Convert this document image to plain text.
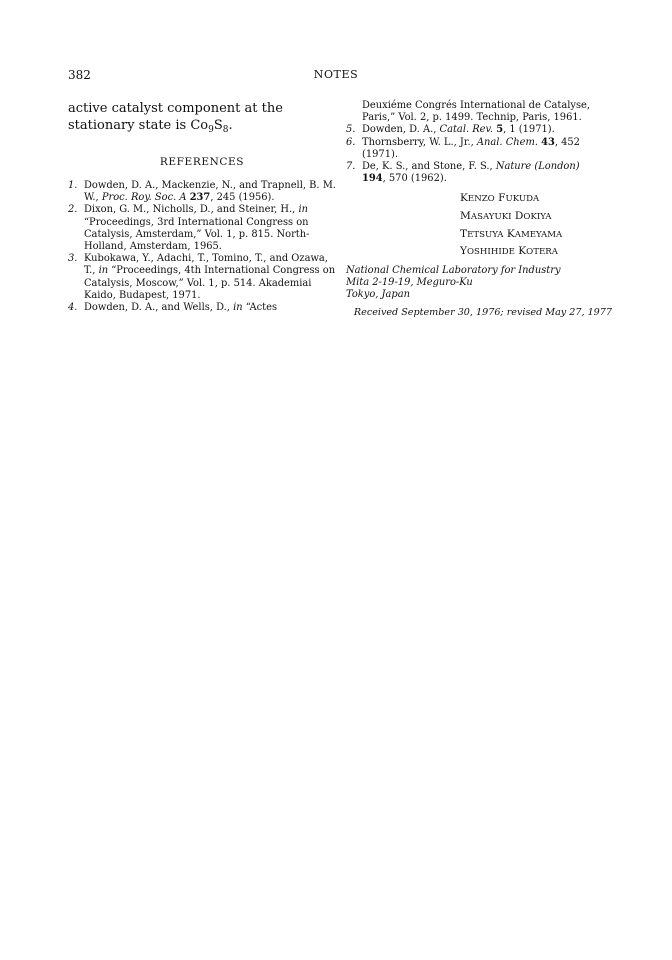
382	NOTES

active catalyst component at the stationary state is $Co_9S_8$.

REFERENCES

1. Dowden, D. A., Mackenzie, N., and Trapnell, B. M. W., Proc. Roy. Soc. A 237, 245 (1956).

2. Dixon, G. M., Nicholls, D., and Steiner, H., in “Proceedings, 3rd International Congress on Catalysis, Amsterdam,” Vol. 1, p. 815. North-Holland, Amsterdam, 1965.

3. Kubokawa, Y., Adachi, T., Tomino, T., and Ozawa, T., in “Proceedings, 4th International Congress on Catalysis, Moscow,” Vol. 1, p. 514. Akademiai Kaido, Budapest, 1971.

4. Dowden, D. A., and Wells, D., in “Actes

Deuxiéme Congrés International de Catalyse, Paris,” Vol. 2, p. 1499. Technip, Paris, 1961.

5. Dowden, D. A., Catal. Rev. 5, 1 (1971).

6. Thornsberry, W. L., Jr., Anal. Chem. 43, 452 (1971).

7. De, K. S., and Stone, F. S., Nature (London)
194, 570 (1962).

KENZO FUKUDA
MASAYUKI DOKIYA
TETSUYA KAMEYAMA
YOSHIHIDE KOTERA
National Chemical Laboratory for Industry
Mita 2-19-19, Meguro-Ku
Tokyo, Japan
Received September 30, 1976; revised May 27, 1977
